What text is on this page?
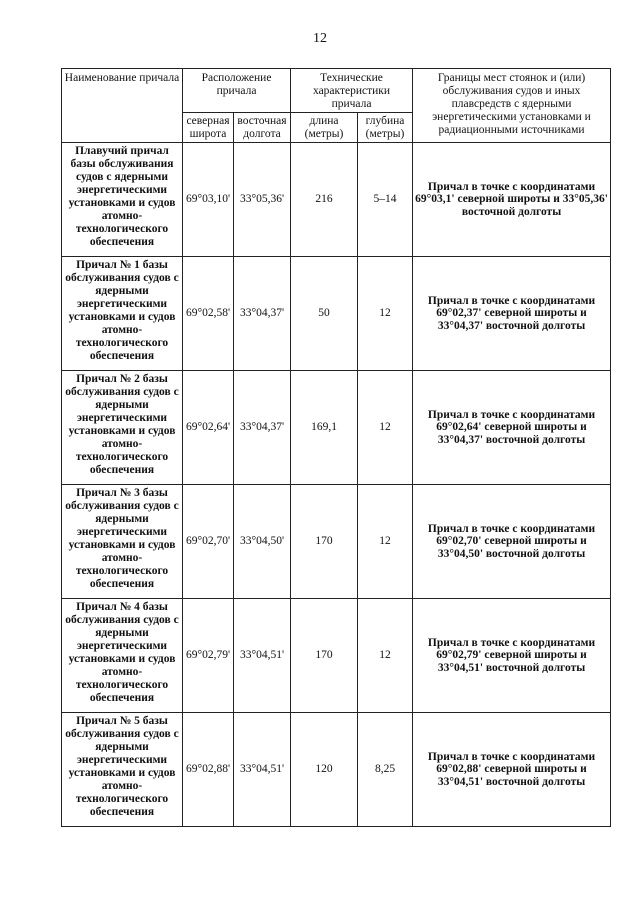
12
Наименование причала	Расположение причала		Технические характеристики причала		Границы мест стоянок и (или) обслуживания судов и иных плавсредств с ядерными энергетическими установками и радиационными источниками
	северная широта	восточная долгота	длина (метры)	глубина (метры)	
Плавучий причал базы обслуживания судов с ядерными энергетическими установками и судов атомно-технологического обеспечения	69°03,10'	33°05,36'	216	5–14	Причал в точке с координатами 69°03,1' северной широты и 33°05,36' восточной долготы
Причал № 1 базы обслуживания судов с ядерными энергетическими установками и судов атомно-технологического обеспечения	69°02,58'	33°04,37'	50	12	Причал в точке с координатами 69°02,37' северной широты и 33°04,37' восточной долготы
Причал № 2 базы обслуживания судов с ядерными энергетическими установками и судов атомно-технологического обеспечения	69°02,64'	33°04,37'	169,1	12	Причал в точке с координатами 69°02,64' северной широты и 33°04,37' восточной долготы
Причал № 3 базы обслуживания судов с ядерными энергетическими установками и судов атомно-технологического обеспечения	69°02,70'	33°04,50'	170	12	Причал в точке с координатами 69°02,70' северной широты и 33°04,50' восточной долготы
Причал № 4 базы обслуживания судов с ядерными энергетическими установками и судов атомно-технологического обеспечения	69°02,79'	33°04,51'	170	12	Причал в точке с координатами 69°02,79' северной широты и 33°04,51' восточной долготы
Причал № 5 базы обслуживания судов с ядерными энергетическими установками и судов атомно-технологического обеспечения	69°02,88'	33°04,51'	120	8,25	Причал в точке с координатами 69°02,88' северной широты и 33°04,51' восточной долготы
